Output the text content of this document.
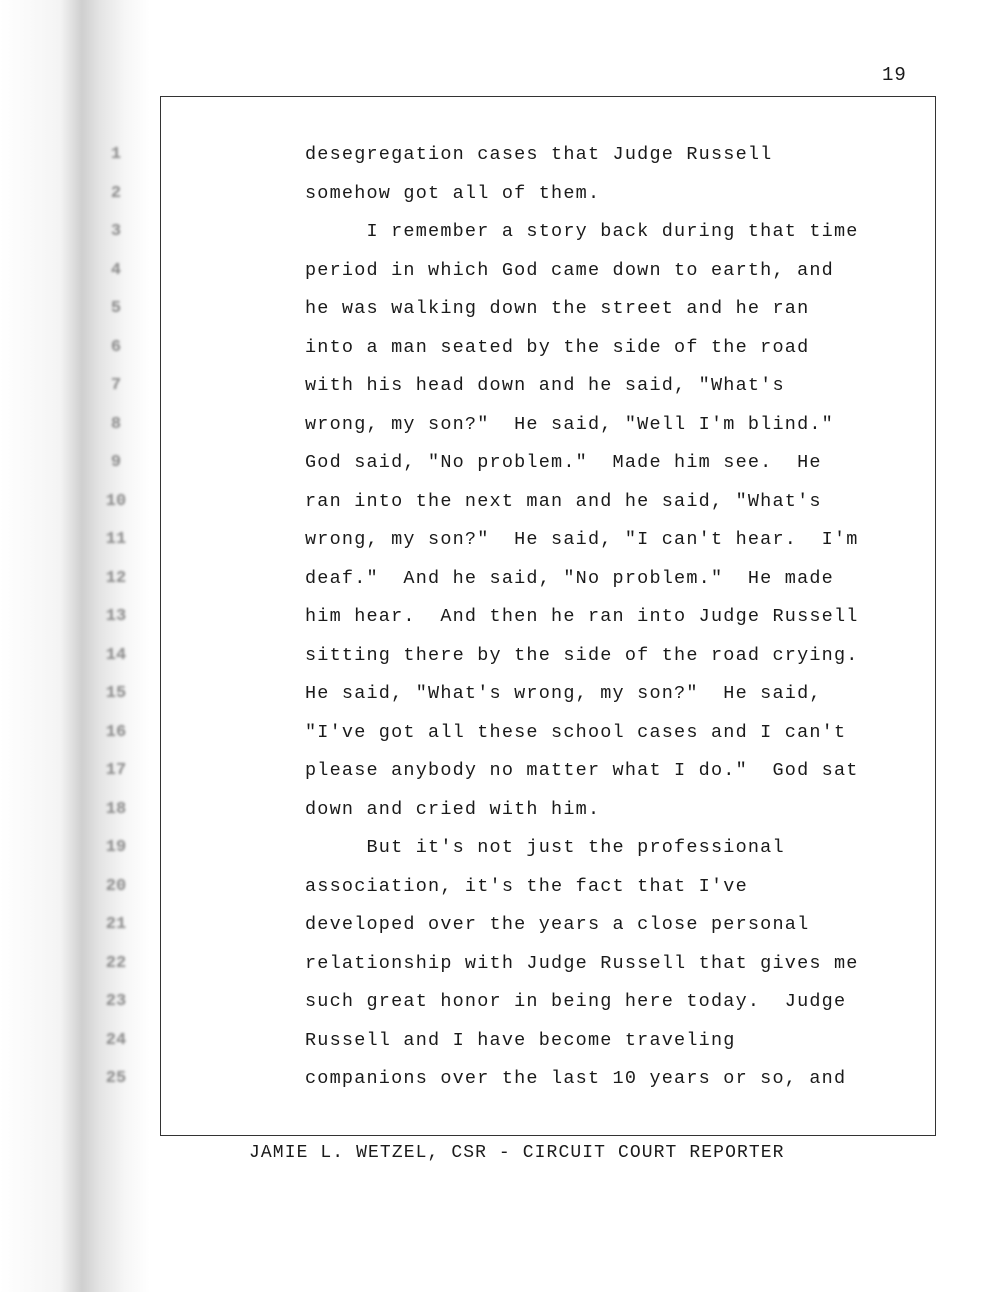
19
1
2
3
4
5
6
7
8
9
10
11
12
13
14
15
16
17
18
19
20
21
22
23
24
25
desegregation cases that Judge Russell
somehow got all of them.
I remember a story back during that time
period in which God came down to earth, and
he was walking down the street and he ran
into a man seated by the side of the road
with his head down and he said, "What's
wrong, my son?"  He said, "Well I'm blind."
God said, "No problem."  Made him see.  He
ran into the next man and he said, "What's
wrong, my son?"  He said, "I can't hear.  I'm
deaf."  And he said, "No problem."  He made
him hear.  And then he ran into Judge Russell
sitting there by the side of the road crying.
He said, "What's wrong, my son?"  He said,
"I've got all these school cases and I can't
please anybody no matter what I do."  God sat
down and cried with him.
But it's not just the professional
association, it's the fact that I've
developed over the years a close personal
relationship with Judge Russell that gives me
such great honor in being here today.  Judge
Russell and I have become traveling
companions over the last 10 years or so, and
JAMIE L. WETZEL, CSR - CIRCUIT COURT REPORTER
